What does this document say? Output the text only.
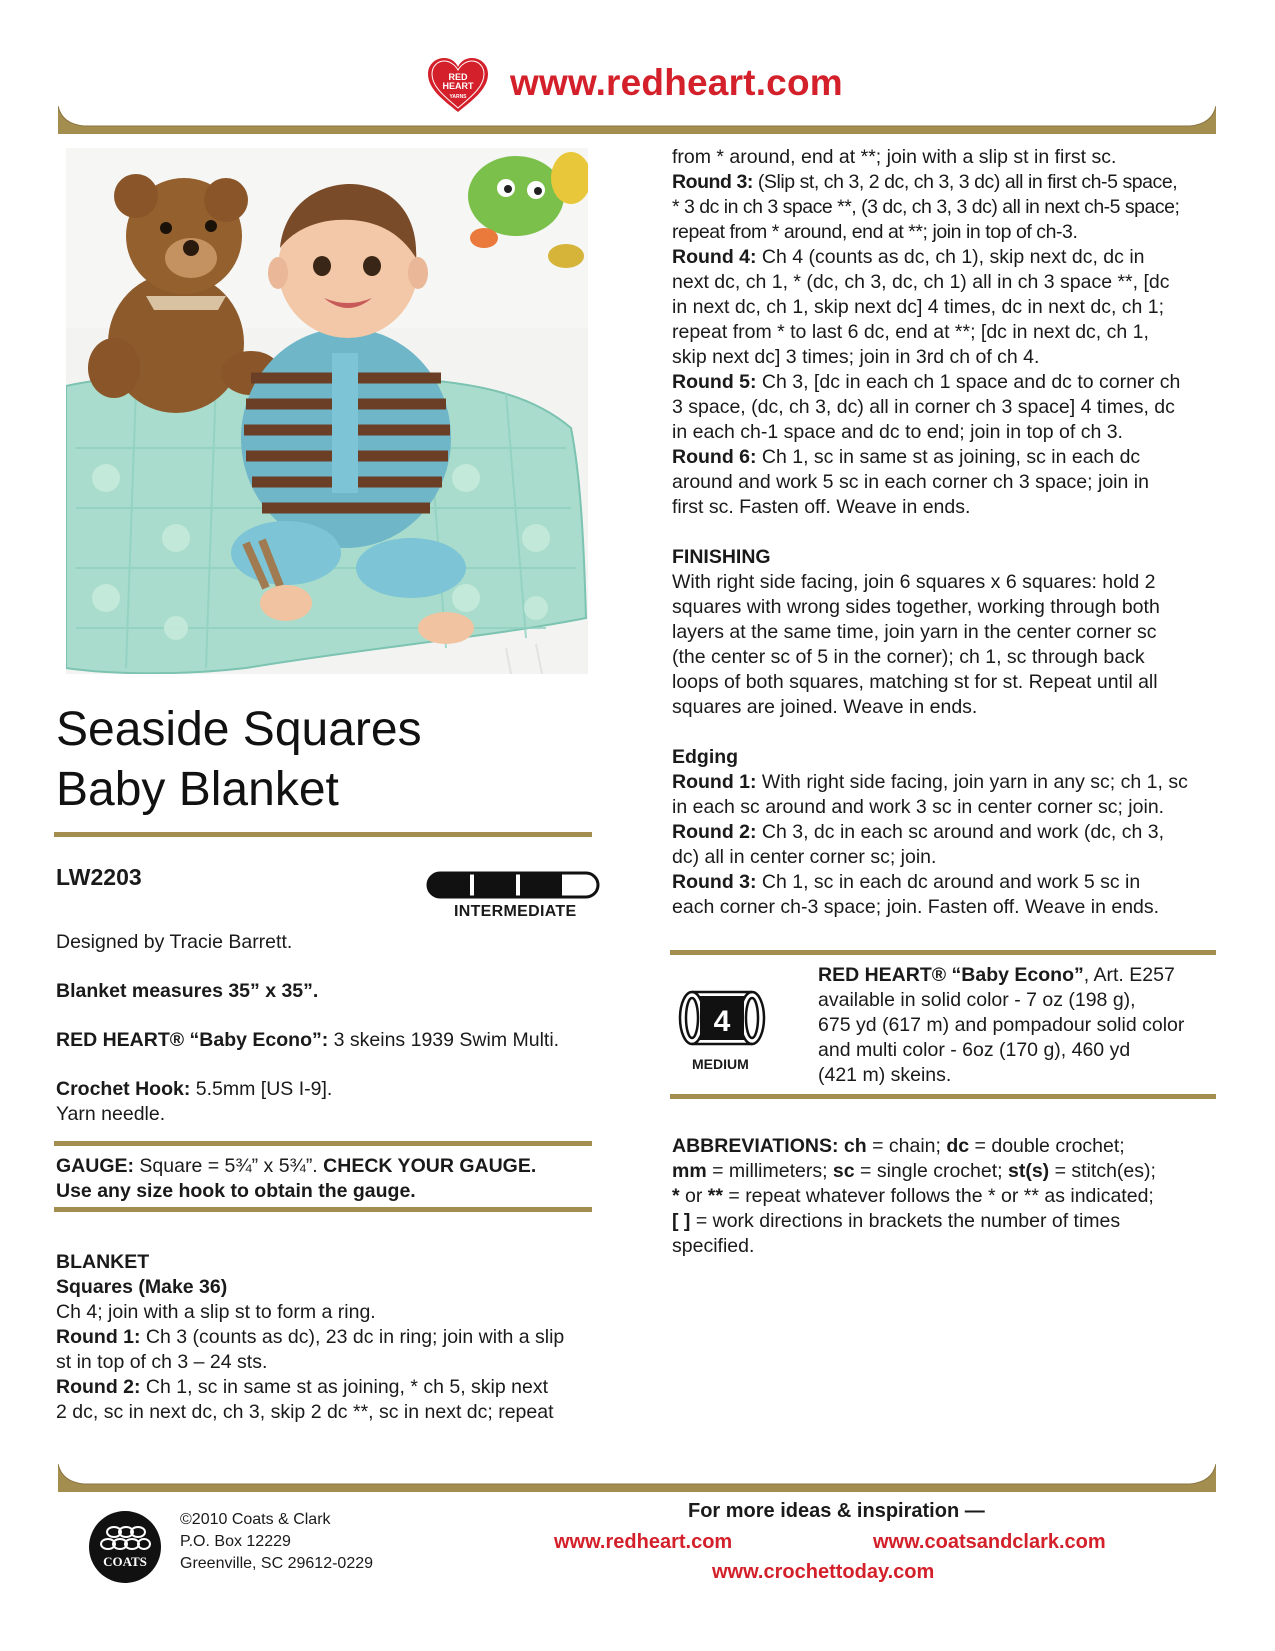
RED
HEART
YARNS www.redheart.com
Seaside Squares
Baby Blanket
LW2203
INTERMEDIATE
Designed by Tracie Barrett.
Blanket measures 35” x 35”.
RED HEART® “Baby Econo”: 3 skeins 1939 Swim Multi.
Crochet Hook: 5.5mm [US I-9].
Yarn needle.
GAUGE: Square = 5¾” x 5¾”. CHECK YOUR GAUGE.
Use any size hook to obtain the gauge.
BLANKET
Squares (Make 36)
Ch 4; join with a slip st to form a ring.
Round 1: Ch 3 (counts as dc), 23 dc in ring; join with a slip
st in top of ch 3 – 24 sts.
Round 2: Ch 1, sc in same st as joining, * ch 5, skip next
2 dc, sc in next dc, ch 3, skip 2 dc **, sc in next dc; repeat
from * around, end at **; join with a slip st in first sc.
Round 3: (Slip st, ch 3, 2 dc, ch 3, 3 dc) all in first ch-5 space,
* 3 dc in ch 3 space **, (3 dc, ch 3, 3 dc) all in next ch-5 space;
repeat from * around, end at **; join in top of ch-3.
Round 4: Ch 4 (counts as dc, ch 1), skip next dc, dc in
next dc, ch 1, * (dc, ch 3, dc, ch 1) all in ch 3 space **, [dc
in next dc, ch 1, skip next dc] 4 times, dc in next dc, ch 1;
repeat from * to last 6 dc, end at **; [dc in next dc, ch 1,
skip next dc] 3 times; join in 3rd ch of ch 4.
Round 5: Ch 3, [dc in each ch 1 space and dc to corner ch
3 space, (dc, ch 3, dc) all in corner ch 3 space] 4 times, dc
in each ch-1 space and dc to end; join in top of ch 3.
Round 6: Ch 1, sc in same st as joining, sc in each dc
around and work 5 sc in each corner ch 3 space; join in
first sc. Fasten off. Weave in ends.
FINISHING
With right side facing, join 6 squares x 6 squares: hold 2
squares with wrong sides together, working through both
layers at the same time, join yarn in the center corner sc
(the center sc of 5 in the corner); ch 1, sc through back
loops of both squares, matching st for st. Repeat until all
squares are joined. Weave in ends.
Edging
Round 1: With right side facing, join yarn in any sc; ch 1, sc
in each sc around and work 3 sc in center corner sc; join.
Round 2: Ch 3, dc in each sc around and work (dc, ch 3,
dc) all in center corner sc; join.
Round 3: Ch 1, sc in each dc around and work 5 sc in
each corner ch-3 space; join. Fasten off. Weave in ends.
4
MEDIUM
RED HEART® “Baby Econo”, Art. E257
available in solid color - 7 oz (198 g),
675 yd (617 m) and pompadour solid color
and multi color - 6oz (170 g), 460 yd
(421 m) skeins.
ABBREVIATIONS: ch = chain; dc = double crochet;
mm = millimeters; sc = single crochet; st(s) = stitch(es);
* or ** = repeat whatever follows the * or ** as indicated;
[ ] = work directions in brackets the number of times
specified.
COATS
©2010 Coats & Clark
P.O. Box 12229
Greenville, SC 29612-0229
For more ideas & inspiration —
www.redheart.com	www.coatsandclark.com
www.crochettoday.com
